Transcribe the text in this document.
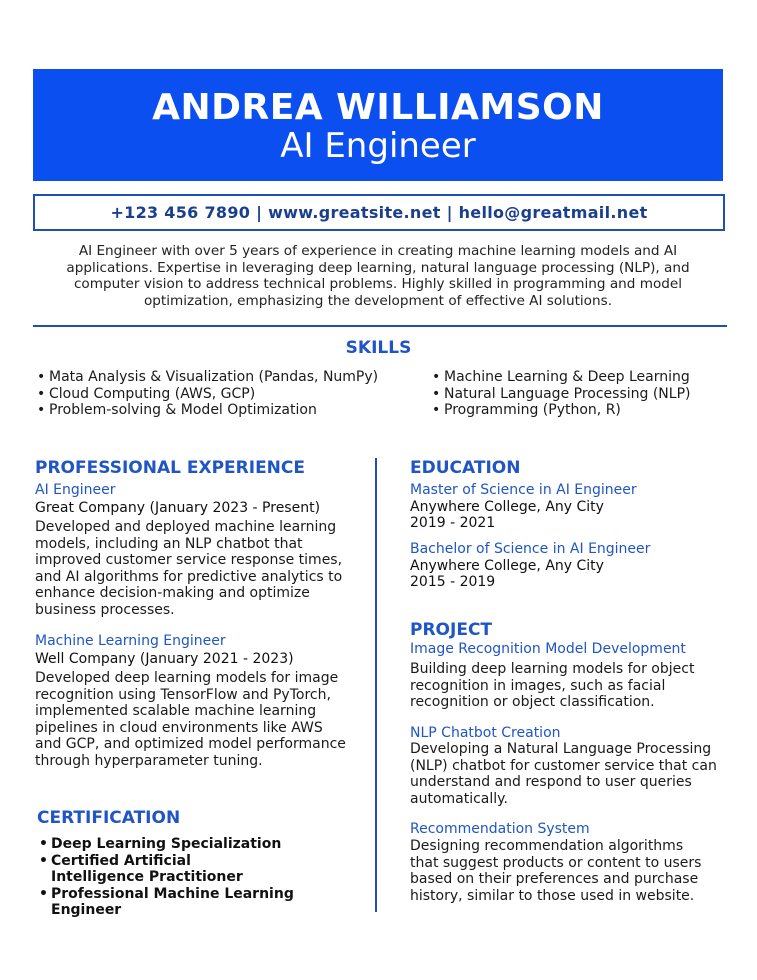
ANDREA WILLIAMSON
AI Engineer
+123 456 7890 | www.greatsite.net | hello@greatmail.net
AI Engineer with over 5 years of experience in creating machine learning models and AI applications. Expertise in leveraging deep learning, natural language processing (NLP), and computer vision to address technical problems. Highly skilled in programming and model optimization, emphasizing the development of effective AI solutions.
SKILLS
• Mata Analysis & Visualization (Pandas, NumPy)
• Cloud Computing (AWS, GCP)
• Problem-solving & Model Optimization
• Machine Learning & Deep Learning
• Natural Language Processing (NLP)
• Programming (Python, R)
PROFESSIONAL EXPERIENCE
AI Engineer
Great Company (January 2023 - Present)

Developed and deployed machine learning models, including an NLP chatbot that improved customer service response times, and AI algorithms for predictive analytics to enhance decision-making and optimize business processes.

Machine Learning Engineer
Well Company (January 2021 - 2023)

Developed deep learning models for image recognition using TensorFlow and PyTorch, implemented scalable machine learning pipelines in cloud environments like AWS and GCP, and optimized model performance through hyperparameter tuning.

CERTIFICATION
• Deep Learning Specialization
• Certified Artificial Intelligence Practitioner
• Professional Machine Learning Engineer
EDUCATION
Master of Science in AI Engineer
Anywhere College, Any City
2019 - 2021
Bachelor of Science in AI Engineer
Anywhere College, Any City
2015 - 2019
PROJECT
Image Recognition Model Development

Building deep learning models for object recognition in images, such as facial recognition or object classification.

NLP Chatbot Creation

Developing a Natural Language Processing (NLP) chatbot for customer service that can understand and respond to user queries automatically.

Recommendation System

Designing recommendation algorithms that suggest products or content to users based on their preferences and purchase history, similar to those used in website.
